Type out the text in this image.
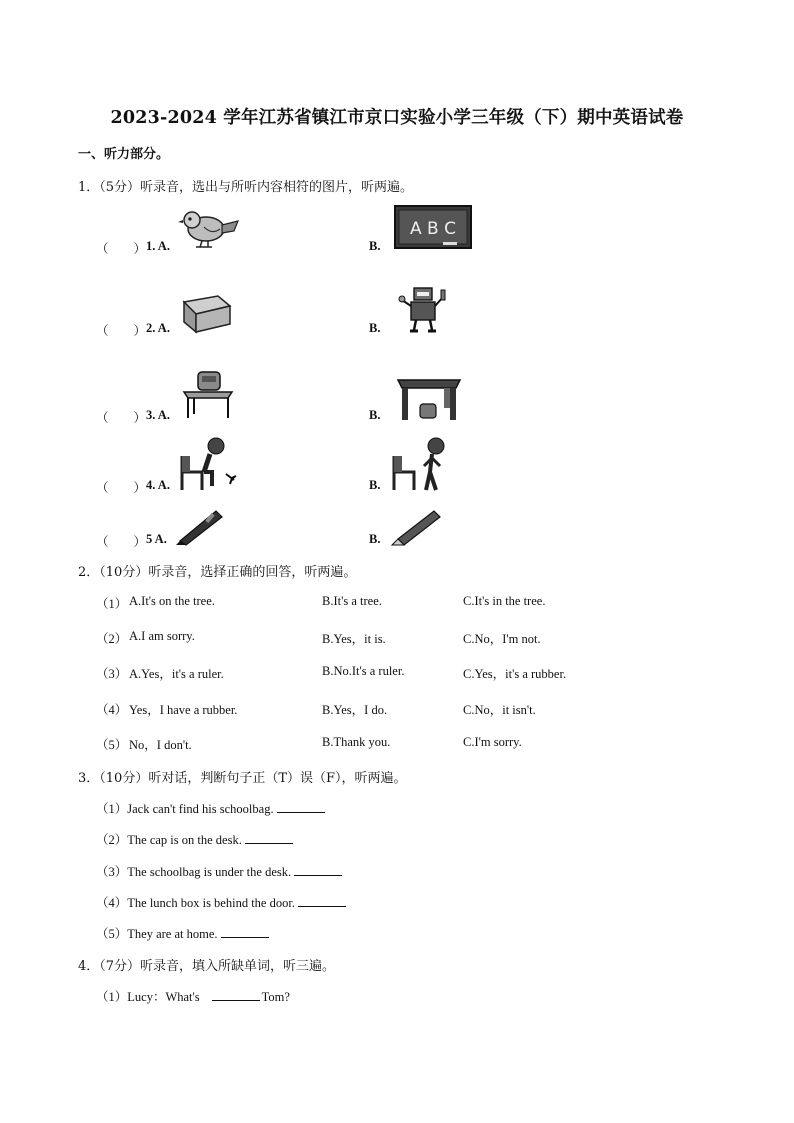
2023-2024 学年江苏省镇江市京口实验小学三年级（下）期中英语试卷
一、听力部分。
1．（5分）听录音，选出与所听内容相符的图片，听两遍。
（　　） 1. A.	B.
A B C
（　　） 2. A.	B.
（　　） 3. A.	B.
（　　） 4. A.	B.
（　　） 5 A.	B.
2．（10分）听录音，选择正确的回答，听两遍。
（1） A.It's on the tree.	B.It's a tree.	C.It's in the tree.
（2） A.I am sorry.	B.Yes，it is.	C.No，I'm not.
（3） A.Yes，it's a ruler.	B.No.It's a ruler.	C.Yes，it's a rubber.
（4） Yes，I have a rubber.	B.Yes，I do.	C.No，it isn't.
（5） No，I don't.	B.Thank you.	C.I'm sorry.
3．（10分）听对话，判断句子正（T）误（F），听两遍。
（1）Jack can't find his schoolbag.
（2）The cap is on the desk.
（3）The schoolbag is under the desk.
（4）The lunch box is behind the door.
（5）They are at home.
4．（7分）听录音，填入所缺单词，听三遍。
（1）Lucy：What's	Tom?
